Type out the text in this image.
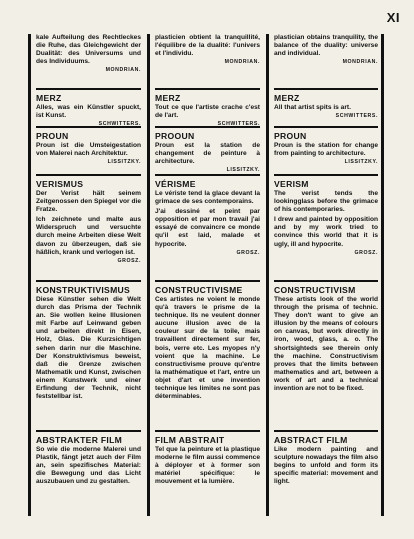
XI

kale Aufteilung des Rechtleckes die Ruhe, das Gleichgewicht der Dualität: des Universums und des Individuums.

MONDRIAN.
MERZ

Alles, was ein Künstler spuckt, ist Kunst.

SCHWITTERS.
PROUN

Proun ist die Umsteigestation von Malerei nach Architektur.

LISSITZKY.
VERISMUS

Der Verist hält seinem Zeitgenossen den Spiegel vor die Fratze.

Ich zeichnete und malte aus Widerspruch und versuchte durch meine Arbeiten diese Welt davon zu überzeugen, daß sie häßlich, krank und verlogen ist.

GROSZ.
KONSTRUKTIVISMUS

Diese Künstler sehen die Welt durch das Prisma der Technik an. Sie wollen keine Illusionen mit Farbe auf Leinwand geben und arbeiten direkt in Eisen, Holz, Glas. Die Kurzsichtigen sehen darin nur die Maschine. Der Konstruktivismus beweist, daß die Grenze zwischen Mathematik und Kunst, zwischen einem Kunstwerk und einer Erfindung der Technik, nicht feststellbar ist.

ABSTRAKTER FILM

So wie die moderne Malerei und Plastik, fängt jetzt auch der Film an, sein spezifisches Material: die Bewegung und das Licht auszubauen und zu gestalten.

plasticien obtient la tranquillité, l'équilibre de la dualité: l'univers et l'individu.

MONDRIAN.
MERZ

Tout ce que l'artiste crache c'est de l'art.

SCHWITTERS.
PROOUN

Proun est la station de changement de peinture à architecture.

LISSITZKY.
VÉRISME

Le vériste tend la glace devant la grimace de ses contemporains.

J'ai dessiné et peint par opposition et par mon travail j'ai essayé de convaincre ce monde qu'il est laid, malade et hypocrite.

GROSZ.
CONSTRUCTIVISME

Ces artistes ne voient le monde qu'à travers le prisme de la technique. Ils ne veulent donner aucune illusion avec de la couleur sur de la toile, mais travaillent directement sur fer, bois, verre etc. Les myopes n'y voient que la machine. Le constructivisme prouve qu'entre la mathématique et l'art, entre un objet d'art et une invention technique les limites ne sont pas déterminables.

FILM ABSTRAIT

Tel que la peinture et la plastique moderne le film aussi commence à déployer et à former son matériel spécifique: le mouvement et la lumière.

plastician obtains tranquility, the balance of the duality: universe and individual.

MONDRIAN.
MERZ

All that artist spits is art.

SCHWITTERS.
PROUN

Proun is the station for change from painting to architecture.

LISSITZKY.
VERISM

The verist tends the lookingglass before the grimace of his contemporaries.

I drew and painted by opposition and by my work tried to convince this world that it is ugly, ill and hypocrite.

GROSZ.
CONSTRUCTIVISM

These artists look of the world through the prisma of technic. They don't want to give an illusion by the means of colours on canvas, but work directly in iron, wood, glass, a. o. The shortsighteds see therein only the machine. Constructivism proves that the limits between mathematics and art, between a work of art and a technical invention are not to be fixed.

ABSTRACT FILM

Like modern painting and sculpture nowadays the film also begins to unfold and form its specific material: movement and light.
